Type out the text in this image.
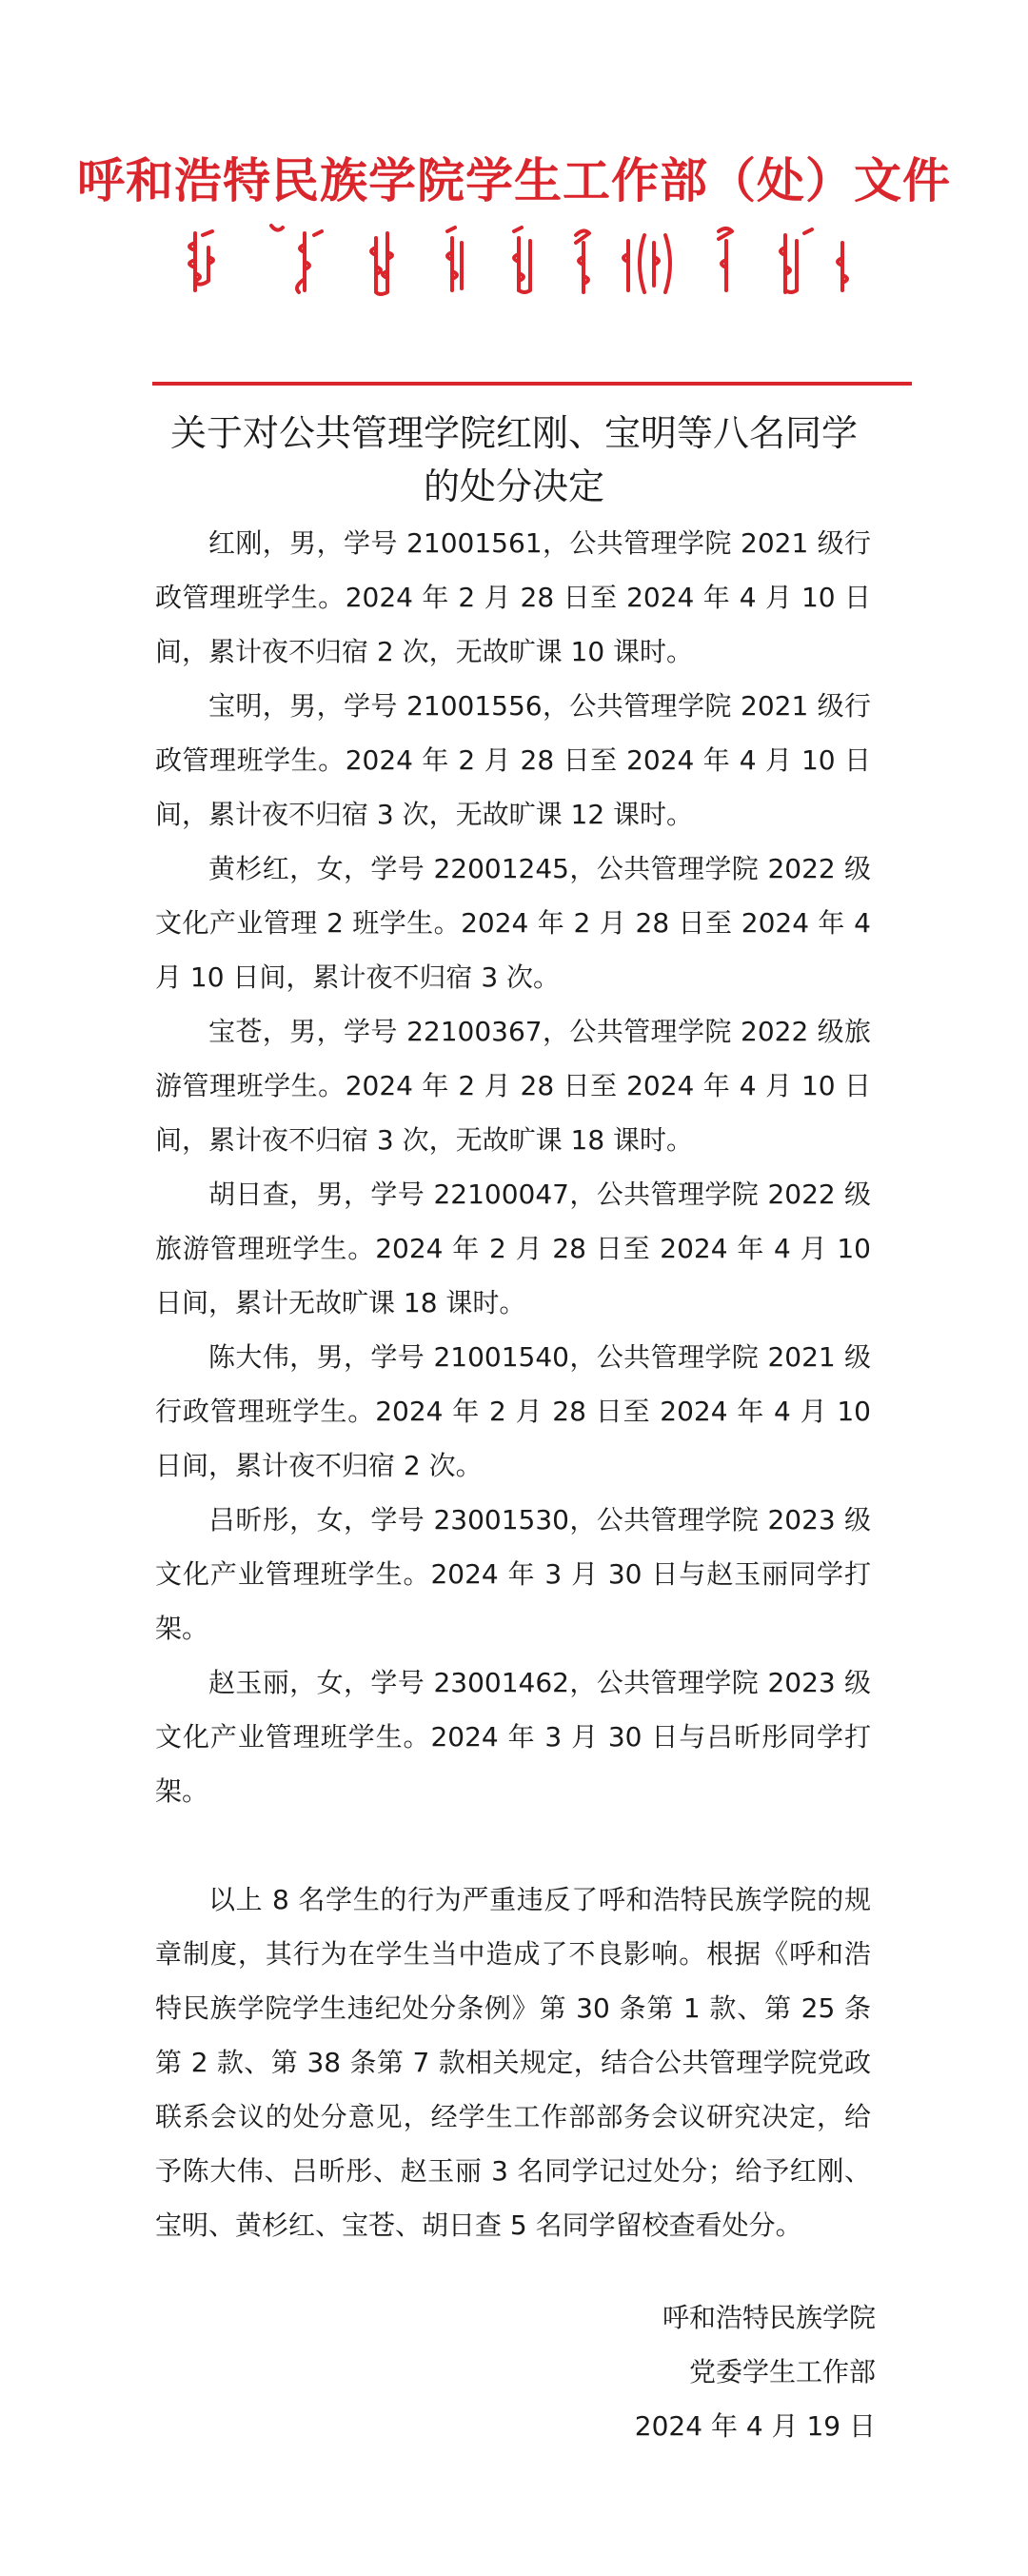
呼和浩特民族学院学生工作部（处）文件
关于对公共管理学院红刚、宝明等八名同学
的处分决定

红刚，男，学号 21001561，公共管理学院 2021 级行政管理班学生。2024 年 2 月 28 日至 2024 年 4 月 10 日间，累计夜不归宿 2 次，无故旷课 10 课时。

宝明，男，学号 21001556，公共管理学院 2021 级行政管理班学生。2024 年 2 月 28 日至 2024 年 4 月 10 日间，累计夜不归宿 3 次，无故旷课 12 课时。

黄杉红，女，学号 22001245，公共管理学院 2022 级文化产业管理 2 班学生。2024 年 2 月 28 日至 2024 年 4 月 10 日间，累计夜不归宿 3 次。

宝苍，男，学号 22100367，公共管理学院 2022 级旅游管理班学生。2024 年 2 月 28 日至 2024 年 4 月 10 日间，累计夜不归宿 3 次，无故旷课 18 课时。

胡日查，男，学号 22100047，公共管理学院 2022 级旅游管理班学生。2024 年 2 月 28 日至 2024 年 4 月 10 日间，累计无故旷课 18 课时。

陈大伟，男，学号 21001540，公共管理学院 2021 级行政管理班学生。2024 年 2 月 28 日至 2024 年 4 月 10 日间，累计夜不归宿 2 次。

吕昕彤，女，学号 23001530，公共管理学院 2023 级文化产业管理班学生。2024 年 3 月 30 日与赵玉丽同学打架。

赵玉丽，女，学号 23001462，公共管理学院 2023 级文化产业管理班学生。2024 年 3 月 30 日与吕昕彤同学打架。

以上 8 名学生的行为严重违反了呼和浩特民族学院的规章制度，其行为在学生当中造成了不良影响。根据《呼和浩特民族学院学生违纪处分条例》第 30 条第 1 款、第 25 条第 2 款、第 38 条第 7 款相关规定，结合公共管理学院党政联系会议的处分意见，经学生工作部部务会议研究决定，给予陈大伟、吕昕彤、赵玉丽 3 名同学记过处分；给予红刚、宝明、黄杉红、宝苍、胡日查 5 名同学留校查看处分。

呼和浩特民族学院
党委学生工作部
2024 年 4 月 19 日
